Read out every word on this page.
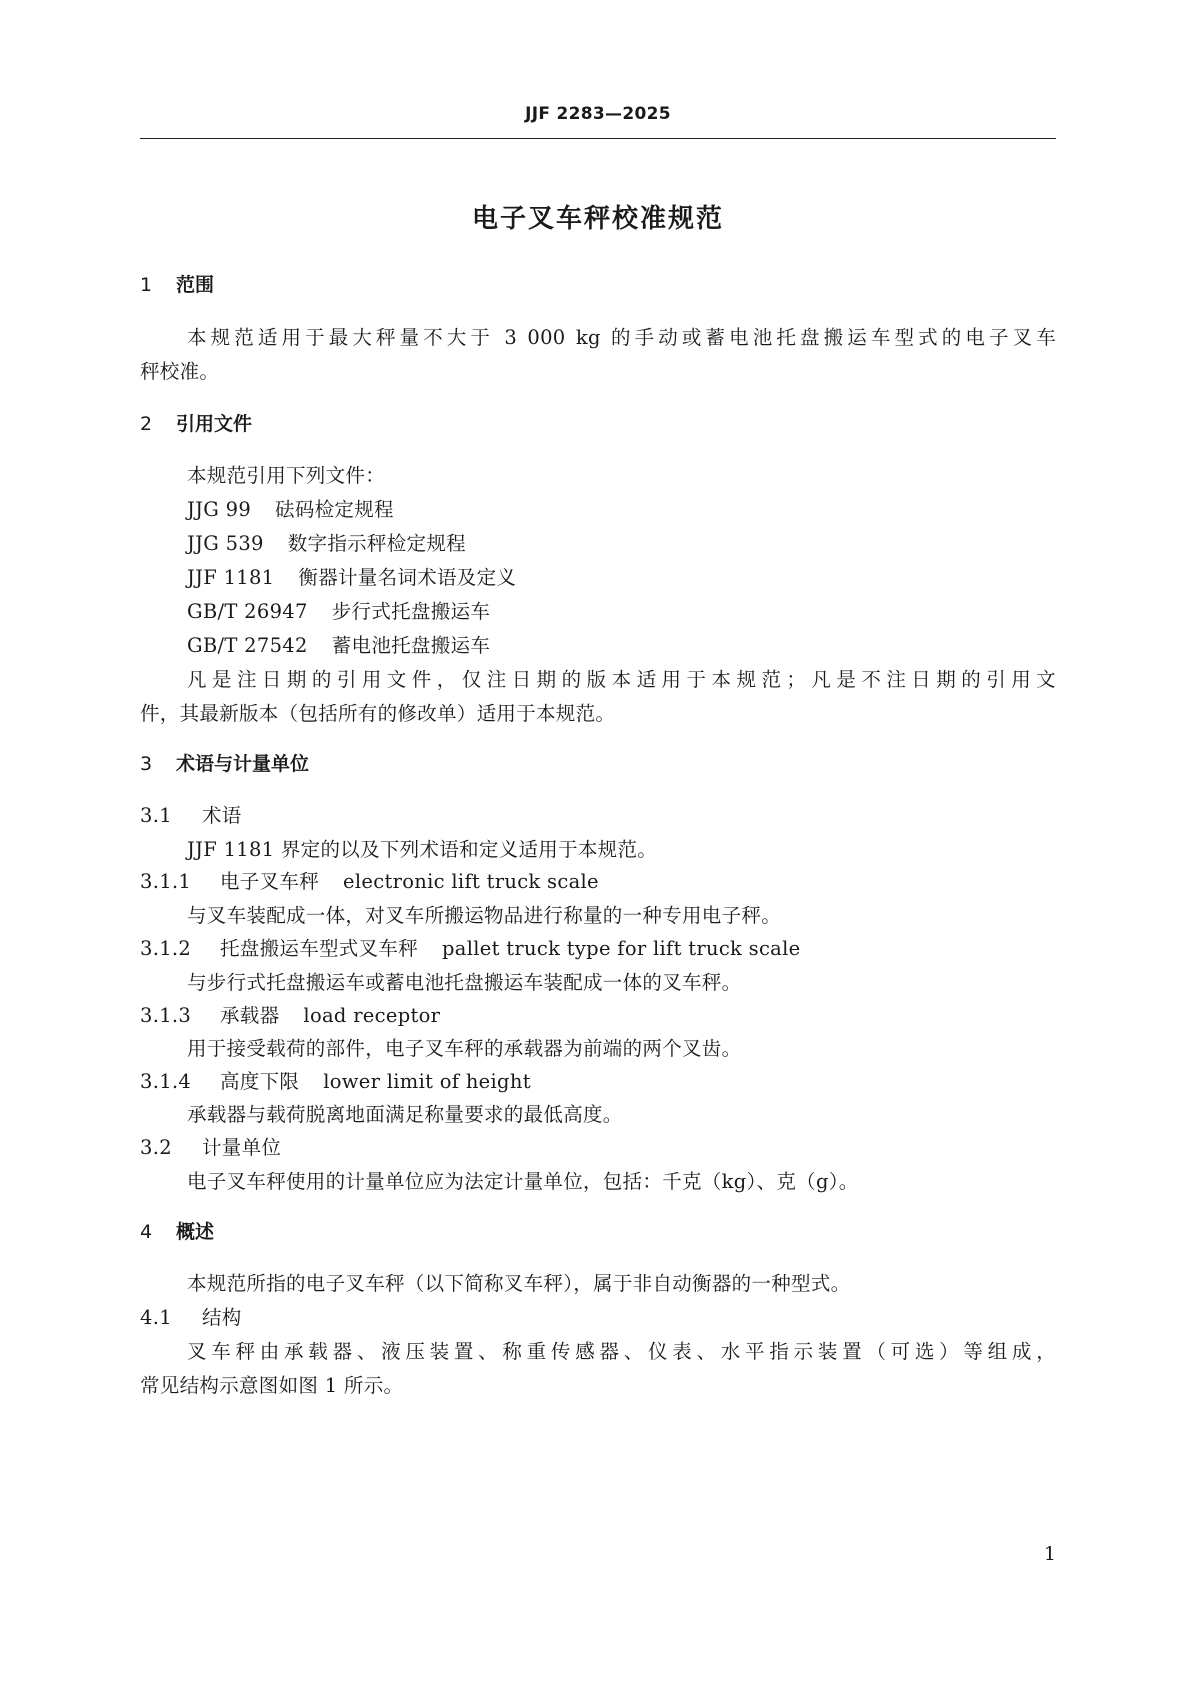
JJF 2283—2025
电子叉车秤校准规范
1 范围
本规范适用于最大秤量不大于 3 000 kg 的手动或蓄电池托盘搬运车型式的电子叉车
秤校准。
2 引用文件
本规范引用下列文件：
JJG 99 砝码检定规程
JJG 539 数字指示秤检定规程
JJF 1181 衡器计量名词术语及定义
GB/T 26947 步行式托盘搬运车
GB/T 27542 蓄电池托盘搬运车
凡是注日期的引用文件，仅注日期的版本适用于本规范；凡是不注日期的引用文
件，其最新版本（包括所有的修改单）适用于本规范。
3 术语与计量单位
3.1 术语
JJF 1181 界定的以及下列术语和定义适用于本规范。
3.1.1 电子叉车秤 electronic lift truck scale
与叉车装配成一体，对叉车所搬运物品进行称量的一种专用电子秤。
3.1.2 托盘搬运车型式叉车秤 pallet truck type for lift truck scale
与步行式托盘搬运车或蓄电池托盘搬运车装配成一体的叉车秤。
3.1.3 承载器 load receptor
用于接受载荷的部件，电子叉车秤的承载器为前端的两个叉齿。
3.1.4 高度下限 lower limit of height
承载器与载荷脱离地面满足称量要求的最低高度。
3.2 计量单位
电子叉车秤使用的计量单位应为法定计量单位，包括：千克（kg）、克（g）。
4 概述
本规范所指的电子叉车秤（以下简称叉车秤），属于非自动衡器的一种型式。
4.1 结构
叉车秤由承载器、液压装置、称重传感器、仪表、水平指示装置（可选）等组成，
常见结构示意图如图 1 所示。
1
